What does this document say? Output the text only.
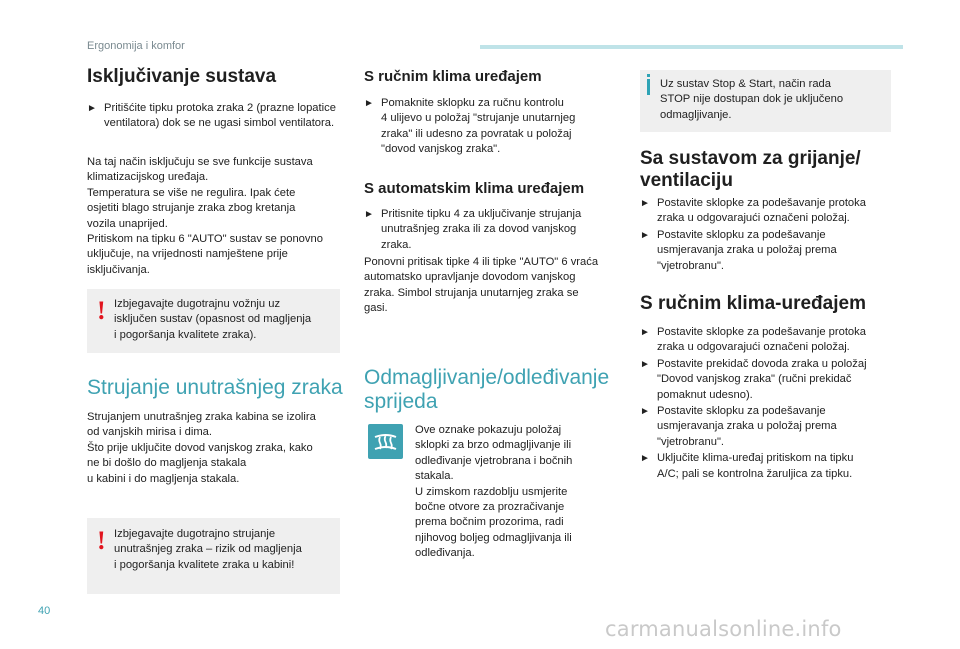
Ergonomija i komfor
Isključivanje sustava
► Pritišćite tipku protoka zraka 2 (prazne lopatice ventilatora) dok se ne ugasi simbol ventilatora.
Na taj način isključuju se sve funkcije sustava
klimatizacijskog uređaja.
Temperatura se više ne regulira. Ipak ćete
osjetiti blago strujanje zraka zbog kretanja
vozila unaprijed.
Pritiskom na tipku 6 "AUTO" sustav se ponovno
uključuje, na vrijednosti namještene prije
isključivanja.
! Izbjegavajte dugotrajnu vožnju uz
isključen sustav (opasnost od magljenja
i pogoršanja kvalitete zraka).
Strujanje unutrašnjeg zraka
Strujanjem unutrašnjeg zraka kabina se izolira
od vanjskih mirisa i dima.
Što prije uključite dovod vanjskog zraka, kako
ne bi došlo do magljenja stakala
u kabini i do magljenja stakala.
! Izbjegavajte dugotrajno strujanje
unutrašnjeg zraka – rizik od magljenja
i pogoršanja kvalitete zraka u kabini!
S ručnim klima uređajem
► Pomaknite sklopku za ručnu kontrolu
4 ulijevo u položaj "strujanje unutarnjeg
zraka" ili udesno za povratak u položaj
"dovod vanjskog zraka".
S automatskim klima uređajem
► Pritisnite tipku 4 za uključivanje strujanja
unutrašnjeg zraka ili za dovod vanjskog
zraka.
Ponovni pritisak tipke 4 ili tipke "AUTO" 6 vraća
automatsko upravljanje dovodom vanjskog
zraka. Simbol strujanja unutarnjeg zraka se
gasi.
Odmagljivanje/odleđivanje
sprijeda
Ove oznake pokazuju položaj
sklopki za brzo odmagljivanje ili
odleđivanje vjetrobrana i bočnih
stakala.
U zimskom razdoblju usmjerite
bočne otvore za prozračivanje
prema bočnim prozorima, radi
njihovog boljeg odmagljivanja ili
odleđivanja.
Uz sustav Stop & Start, način rada
STOP nije dostupan dok je uključeno
odmagljivanje.
Sa sustavom za grijanje/
ventilaciju
► Postavite sklopke za podešavanje protoka
zraka u odgovarajući označeni položaj.
► Postavite sklopku za podešavanje
usmjeravanja zraka u položaj prema
"vjetrobranu".
S ručnim klima-uređajem
► Postavite sklopke za podešavanje protoka
zraka u odgovarajući označeni položaj.
► Postavite prekidač dovoda zraka u položaj
"Dovod vanjskog zraka" (ručni prekidač
pomaknut udesno).
► Postavite sklopku za podešavanje
usmjeravanja zraka u položaj prema
"vjetrobranu".
► Uključite klima-uređaj pritiskom na tipku
A/C; pali se kontrolna žaruljica za tipku.
40
carmanualsonline.info
